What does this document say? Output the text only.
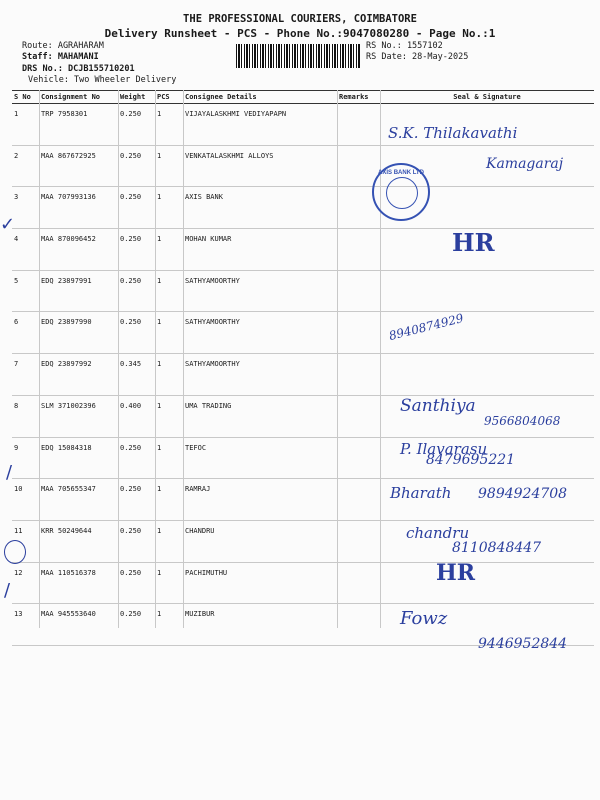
THE PROFESSIONAL COURIERS, COIMBATORE
Delivery Runsheet - PCS - Phone No.:9047080280 - Page No.:1
Route: AGRAHARAM
Staff: MAHAMANI
DRS No.: DCJB155710201
Vehicle: Two Wheeler Delivery
RS No.: 1557102
RS Date: 28-May-2025
S No	Consignment No	Weight	PCS	Consignee Details	Remarks	Seal & Signature
1	TRP 7958301	0.250	1	VIJAYALASKHMI VEDIYAPAPN		
2	MAA 867672925	0.250	1	VENKATALASKHMI ALLOYS		
3	MAA 707993136	0.250	1	AXIS BANK		
4	MAA 870096452	0.250	1	MOHAN KUMAR		
5	EDQ 23897991	0.250	1	SATHYAMOORTHY		
6	EDQ 23897990	0.250	1	SATHYAMOORTHY		
7	EDQ 23897992	0.345	1	SATHYAMOORTHY		
8	SLM 371002396	0.400	1	UMA TRADING		
9	EDQ 15084318	0.250	1	TEFOC		
10	MAA 705655347	0.250	1	RAMRAJ		
11	KRR 50249644	0.250	1	CHANDRU		
12	MAA 110516378	0.250	1	PACHIMUTHU		
13	MAA 945553640	0.250	1	MUZIBUR		
S.K. Thilakavathi
Kamagaraj
AXIS BANK LTD
HR
8940874929
Santhiya
9566804068
P. Ilavarasu
8479695221
Bharath 9894924708
chandru
8110848447
HR
Fowz
9446952844
✓
/
/
